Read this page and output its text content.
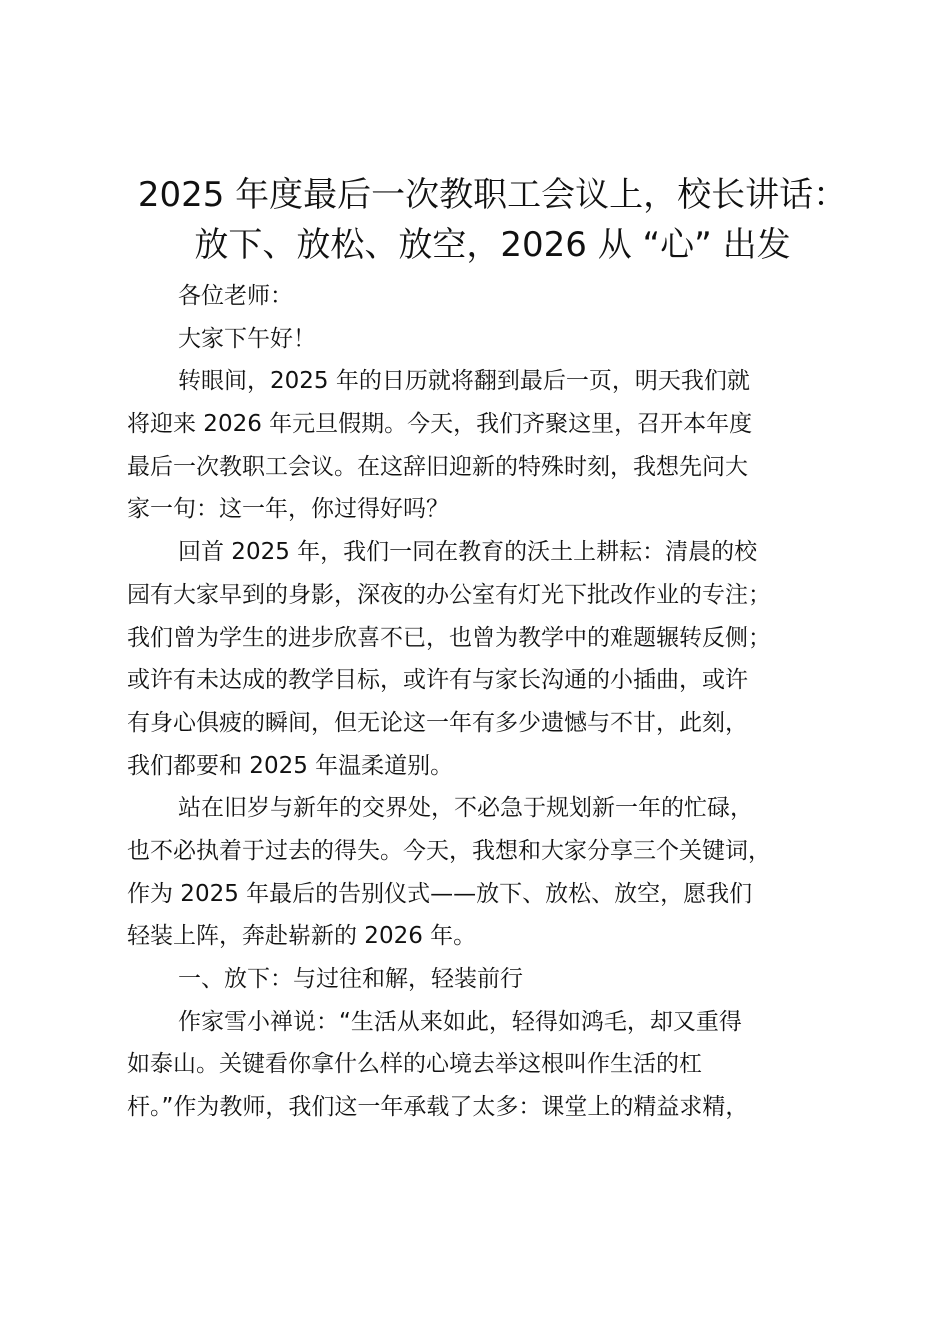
2025 年度最后一次教职工会议上，校长讲话：
放下、放松、放空，2026 从 “心” 出发
各位老师：
大家下午好！
转眼间，2025 年的日历就将翻到最后一页，明天我们就
将迎来 2026 年元旦假期。今天，我们齐聚这里，召开本年度
最后一次教职工会议。在这辞旧迎新的特殊时刻，我想先问大
家一句：这一年，你过得好吗？
回首 2025 年，我们一同在教育的沃土上耕耘：清晨的校
园有大家早到的身影，深夜的办公室有灯光下批改作业的专注；
我们曾为学生的进步欣喜不已，也曾为教学中的难题辗转反侧；
或许有未达成的教学目标，或许有与家长沟通的小插曲，或许
有身心俱疲的瞬间，但无论这一年有多少遗憾与不甘，此刻，
我们都要和 2025 年温柔道别。
站在旧岁与新年的交界处，不必急于规划新一年的忙碌，
也不必执着于过去的得失。今天，我想和大家分享三个关键词，
作为 2025 年最后的告别仪式——放下、放松、放空，愿我们
轻装上阵，奔赴崭新的 2026 年。
一、放下：与过往和解，轻装前行
作家雪小禅说：“生活从来如此，轻得如鸿毛，却又重得
如泰山。关键看你拿什么样的心境去举这根叫作生活的杠
杆。”作为教师，我们这一年承载了太多：课堂上的精益求精，
